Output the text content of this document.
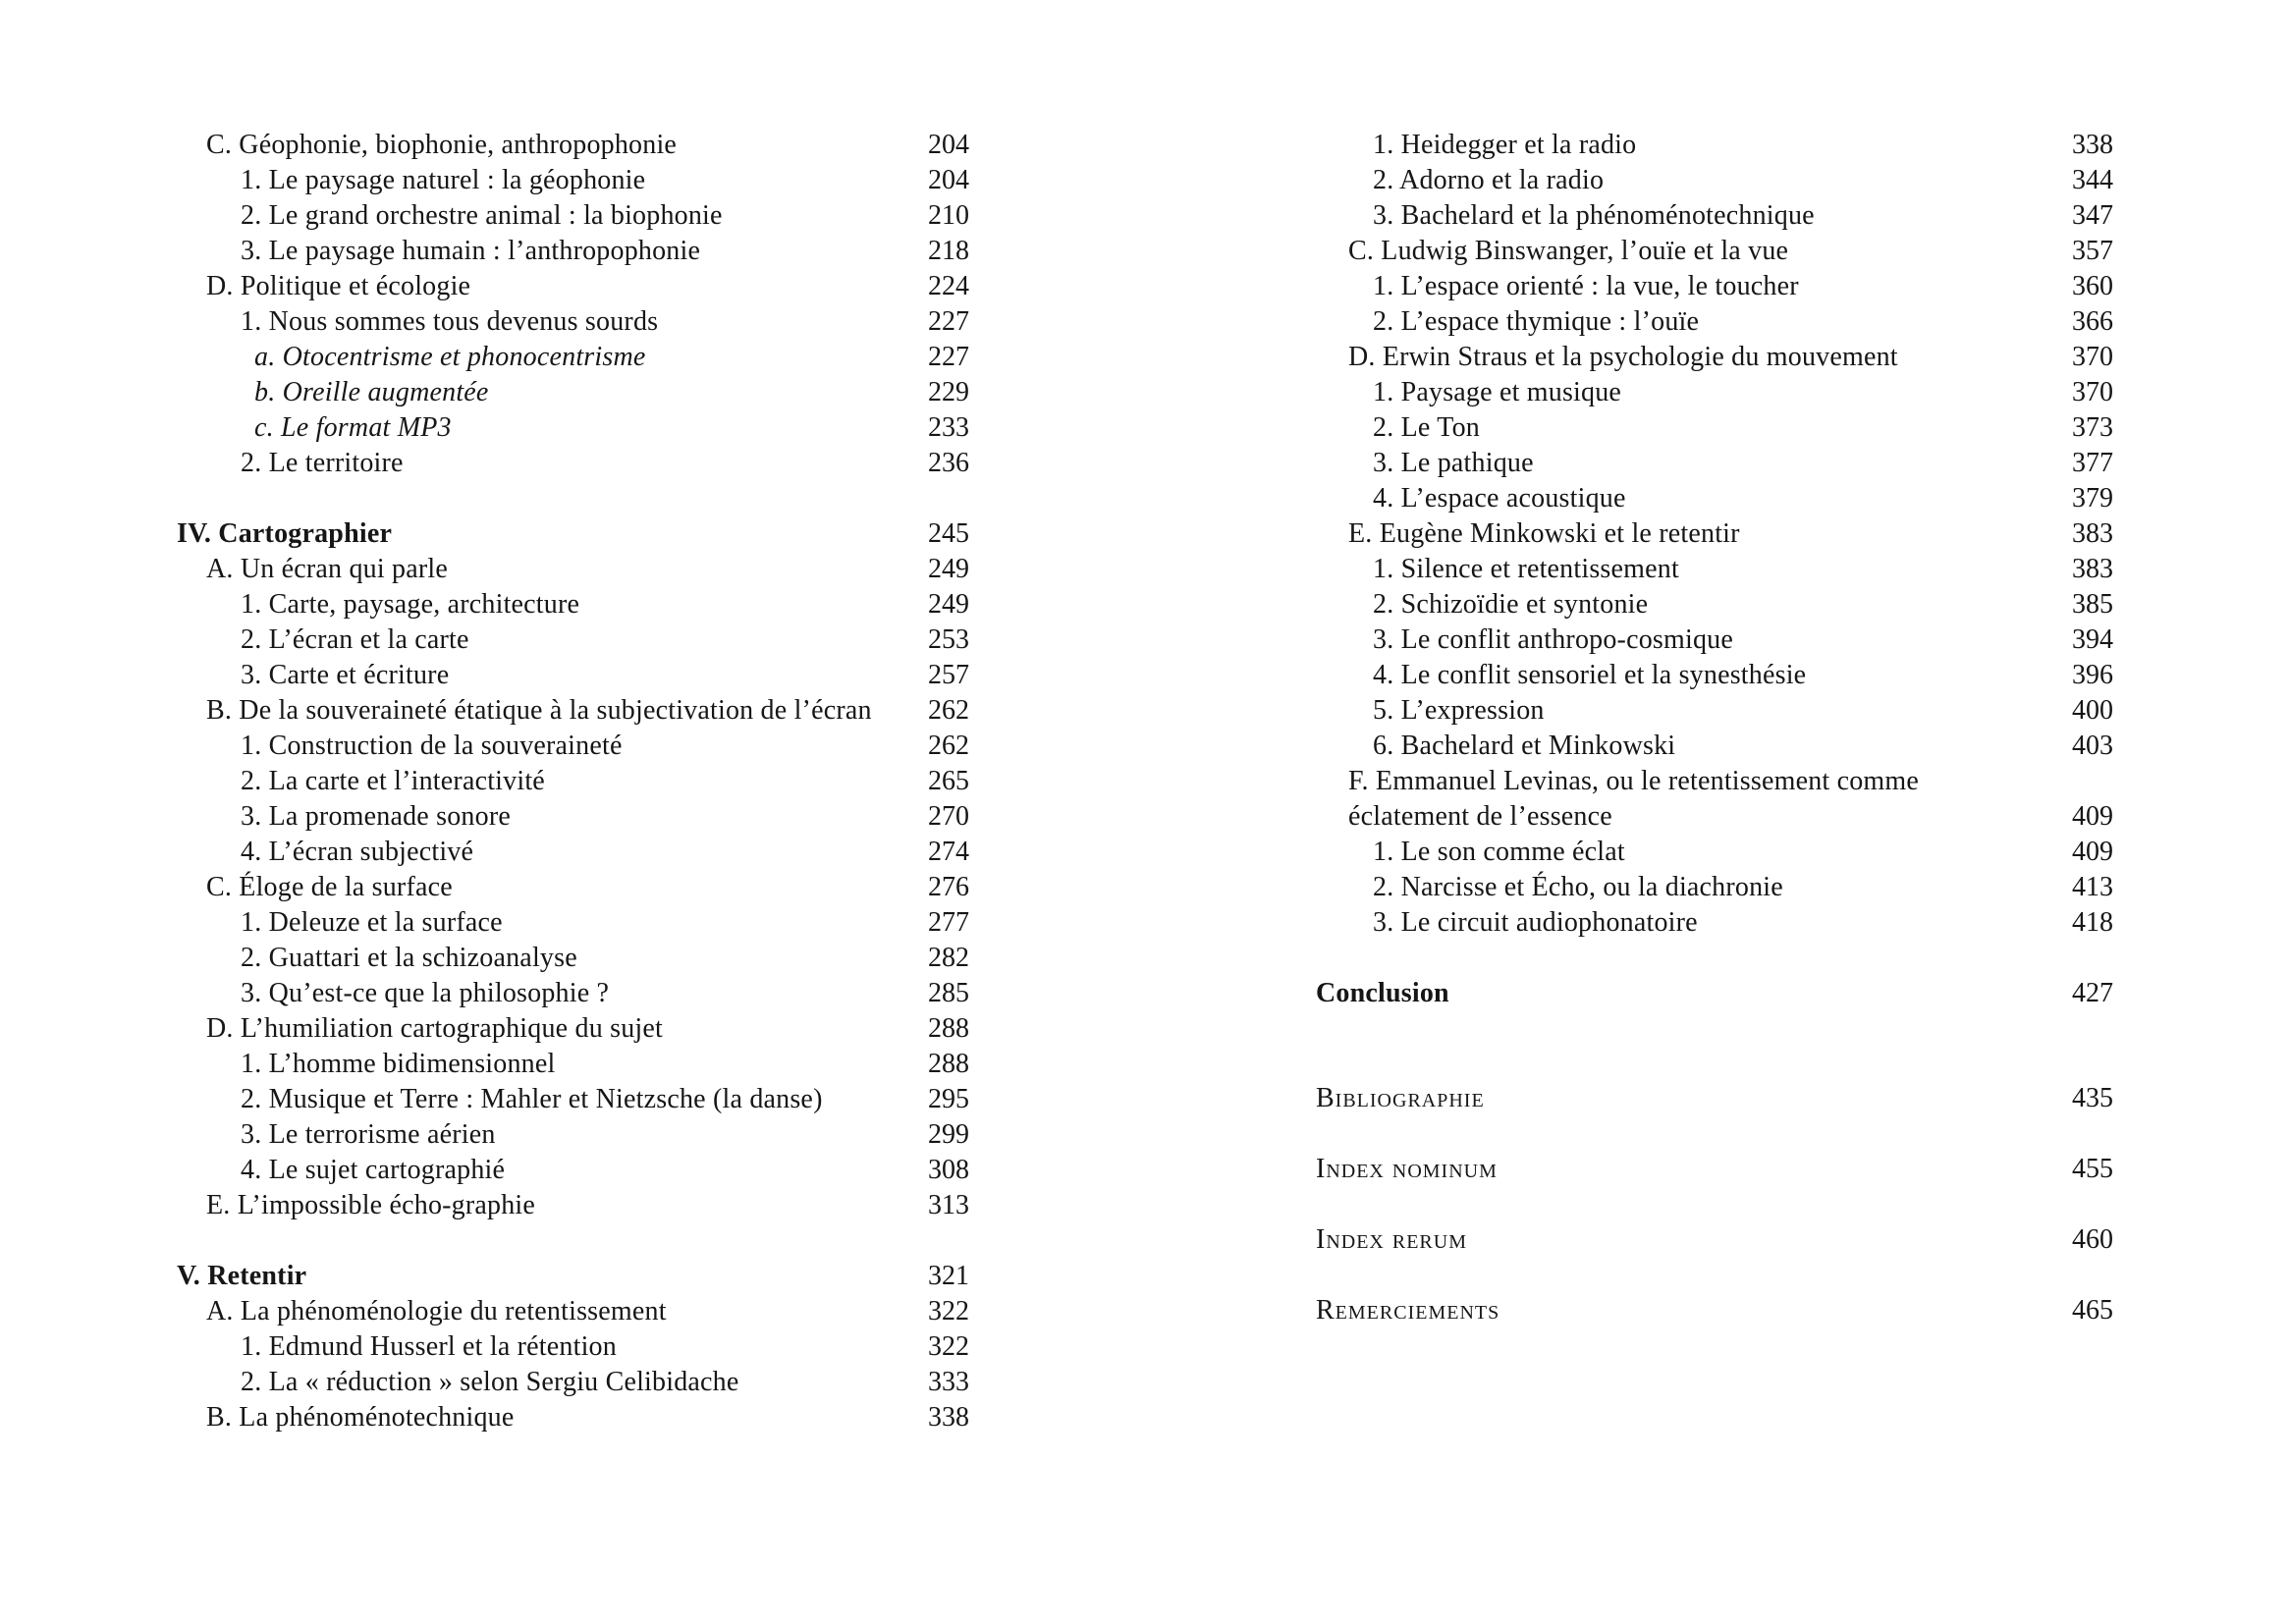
C. Géophonie, biophonie, anthropophonie	204
1. Le paysage naturel : la géophonie	204
2. Le grand orchestre animal : la biophonie	210
3. Le paysage humain : l’anthropophonie	218
D. Politique et écologie	224
1. Nous sommes tous devenus sourds	227
a. Otocentrisme et phonocentrisme	227
b. Oreille augmentée	229
c. Le format MP3	233
2. Le territoire	236
IV. Cartographier	245
A. Un écran qui parle	249
1. Carte, paysage, architecture	249
2. L’écran et la carte	253
3. Carte et écriture	257
B. De la souveraineté étatique à la subjectivation de l’écran	262
1. Construction de la souveraineté	262
2. La carte et l’interactivité	265
3. La promenade sonore	270
4. L’écran subjectivé	274
C. Éloge de la surface	276
1. Deleuze et la surface	277
2. Guattari et la schizoanalyse	282
3. Qu’est-ce que la philosophie ?	285
D. L’humiliation cartographique du sujet	288
1. L’homme bidimensionnel	288
2. Musique et Terre : Mahler et Nietzsche (la danse)	295
3. Le terrorisme aérien	299
4. Le sujet cartographié	308
E. L’impossible écho-graphie	313
V. Retentir	321
A. La phénoménologie du retentissement	322
1. Edmund Husserl et la rétention	322
2. La « réduction » selon Sergiu Celibidache	333
B. La phénoménotechnique	338
1. Heidegger et la radio	338
2. Adorno et la radio	344
3. Bachelard et la phénoménotechnique	347
C. Ludwig Binswanger, l’ouïe et la vue	357
1. L’espace orienté : la vue, le toucher	360
2. L’espace thymique : l’ouïe	366
D. Erwin Straus et la psychologie du mouvement	370
1. Paysage et musique	370
2. Le Ton	373
3. Le pathique	377
4. L’espace acoustique	379
E. Eugène Minkowski et le retentir	383
1. Silence et retentissement	383
2. Schizoïdie et syntonie	385
3. Le conflit anthropo-cosmique	394
4. Le conflit sensoriel et la synesthésie	396
5. L’expression	400
6. Bachelard et Minkowski	403
F. Emmanuel Levinas, ou le retentissement comme
éclatement de l’essence	409
1. Le son comme éclat	409
2. Narcisse et Écho, ou la diachronie	413
3. Le circuit audiophonatoire	418
Conclusion	427
Bibliographie	435
Index nominum	455
Index rerum	460
Remerciements	465
